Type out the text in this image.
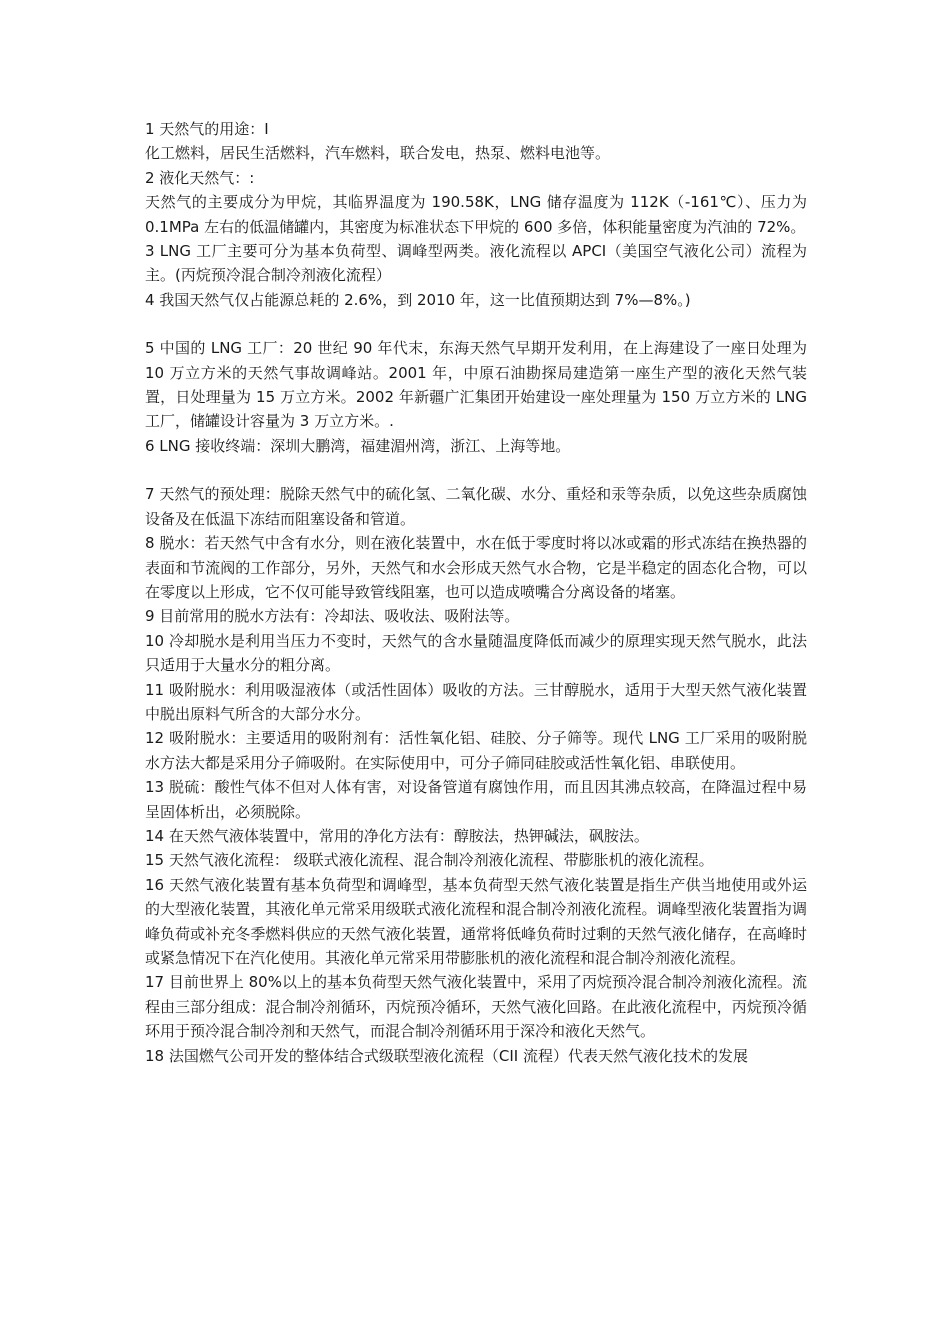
1 天然气的用途：I

化工燃料，居民生活燃料，汽车燃料，联合发电，热泵、燃料电池等。

2 液化天然气：:

天然气的主要成分为甲烷，其临界温度为 190.58K，LNG 储存温度为 112K（-161℃）、压力为 0.1MPa 左右的低温储罐内，其密度为标准状态下甲烷的 600 多倍，体积能量密度为汽油的 72%。

3 LNG 工厂主要可分为基本负荷型、调峰型两类。液化流程以 APCI（美国空气液化公司）流程为主。(丙烷预冷混合制冷剂液化流程）

4 我国天然气仅占能源总耗的 2.6%，到 2010 年，这一比值预期达到 7%—8%。)

5 中国的 LNG 工厂：20 世纪 90 年代末，东海天然气早期开发利用，在上海建设了一座日处理为 10 万立方米的天然气事故调峰站。2001 年，中原石油勘探局建造第一座生产型的液化天然气装置，日处理量为 15 万立方米。2002 年新疆广汇集团开始建设一座处理量为 150 万立方米的 LNG 工厂，储罐设计容量为 3 万立方米。.

6 LNG 接收终端：深圳大鹏湾，福建湄州湾，浙江、上海等地。

7 天然气的预处理：脱除天然气中的硫化氢、二氧化碳、水分、重烃和汞等杂质，以免这些杂质腐蚀设备及在低温下冻结而阻塞设备和管道。

8 脱水：若天然气中含有水分，则在液化装置中，水在低于零度时将以冰或霜的形式冻结在换热器的表面和节流阀的工作部分，另外，天然气和水会形成天然气水合物，它是半稳定的固态化合物，可以在零度以上形成，它不仅可能导致管线阻塞，也可以造成喷嘴合分离设备的堵塞。

9 目前常用的脱水方法有：冷却法、吸收法、吸附法等。

10 冷却脱水是利用当压力不变时，天然气的含水量随温度降低而减少的原理实现天然气脱水，此法只适用于大量水分的粗分离。

11 吸附脱水：利用吸湿液体（或活性固体）吸收的方法。三甘醇脱水，适用于大型天然气液化装置中脱出原料气所含的大部分水分。

12 吸附脱水：主要适用的吸附剂有：活性氧化铝、硅胶、分子筛等。现代 LNG 工厂采用的吸附脱水方法大都是采用分子筛吸附。在实际使用中，可分子筛同硅胶或活性氧化铝、串联使用。

13 脱硫：酸性气体不但对人体有害，对设备管道有腐蚀作用，而且因其沸点较高，在降温过程中易呈固体析出，必须脱除。

14 在天然气液体装置中，常用的净化方法有：醇胺法，热钾碱法，砜胺法。

15 天然气液化流程： 级联式液化流程、混合制冷剂液化流程、带膨胀机的液化流程。

16 天然气液化装置有基本负荷型和调峰型，基本负荷型天然气液化装置是指生产供当地使用或外运的大型液化装置，其液化单元常采用级联式液化流程和混合制冷剂液化流程。调峰型液化装置指为调峰负荷或补充冬季燃料供应的天然气液化装置，通常将低峰负荷时过剩的天然气液化储存，在高峰时或紧急情况下在汽化使用。其液化单元常采用带膨胀机的液化流程和混合制冷剂液化流程。

17 目前世界上 80%以上的基本负荷型天然气液化装置中，采用了丙烷预冷混合制冷剂液化流程。流程由三部分组成：混合制冷剂循环，丙烷预冷循环，天然气液化回路。在此液化流程中，丙烷预冷循环用于预冷混合制冷剂和天然气，而混合制冷剂循环用于深冷和液化天然气。

18 法国燃气公司开发的整体结合式级联型液化流程（CII 流程）代表天然气液化技术的发展
